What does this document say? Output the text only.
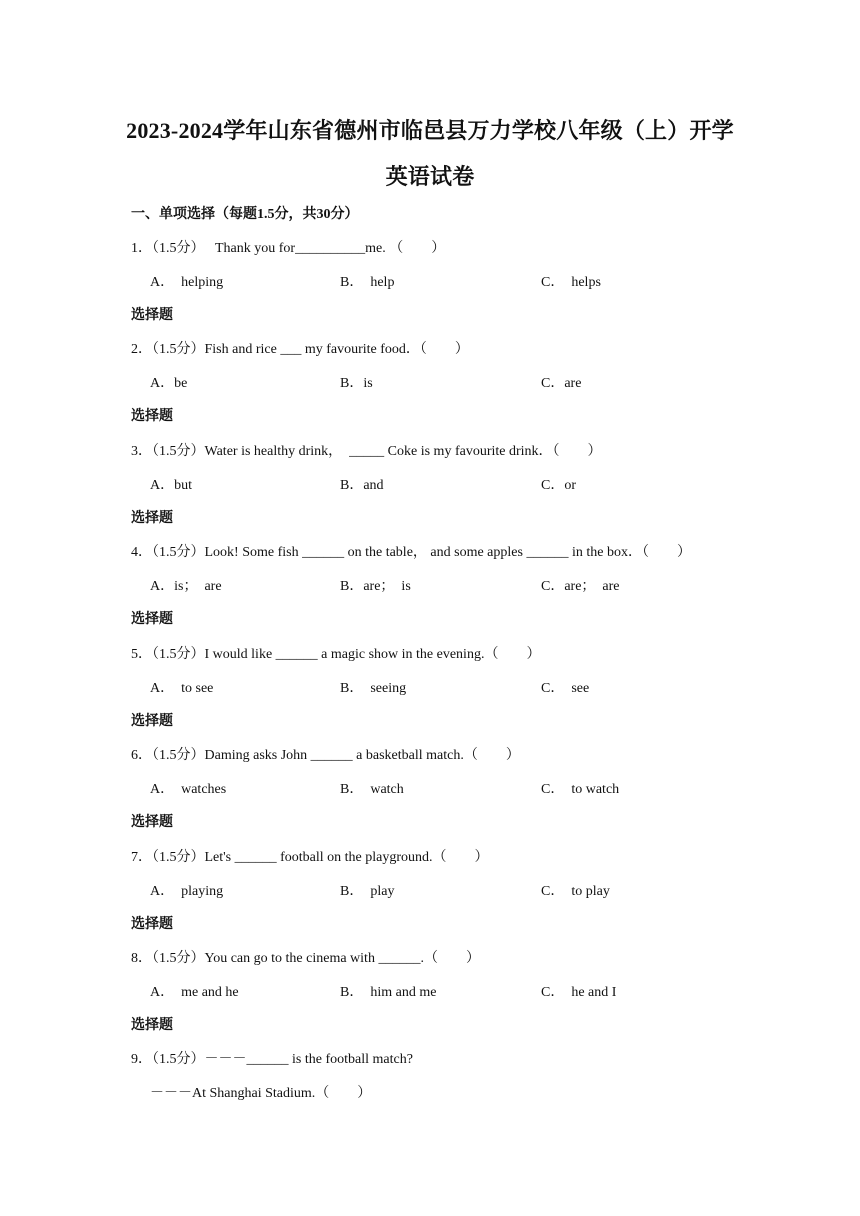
2023-2024学年山东省德州市临邑县万力学校八年级（上）开学
英语试卷
一、单项选择（每题1.5分，共30分）
1．（1.5分）   Thank you for__________me. （　　）
A．  helping	B．  help	C．  helps
选择题
2．（1.5分）Fish and rice ___ my favourite food．（　　）
A．be	B．is	C．are
选择题
3．（1.5分）Water is healthy drink，  _____ Coke is my favourite drink．（　　）
A．but	B．and	C．or
选择题
4．（1.5分）Look! Some fish ______ on the table， and some apples ______ in the box．（　　）
A．is；  are	B．are；  is	C．are；  are
选择题
5．（1.5分）I would like ______ a magic show in the evening.（　　）
A．  to see	B．  seeing	C．  see
选择题
6．（1.5分）Daming asks John ______ a basketball match.（　　）
A．  watches	B．  watch	C．  to watch
选择题
7．（1.5分）Let's ______ football on the playground.（　　）
A．  playing	B．  play	C．  to play
选择题
8．（1.5分）You can go to the cinema with ______.（　　）
A．  me and he	B．  him and me	C．  he and I
选择题
9．（1.5分）－－－______ is the football match?
－－－At Shanghai Stadium.（　　）
